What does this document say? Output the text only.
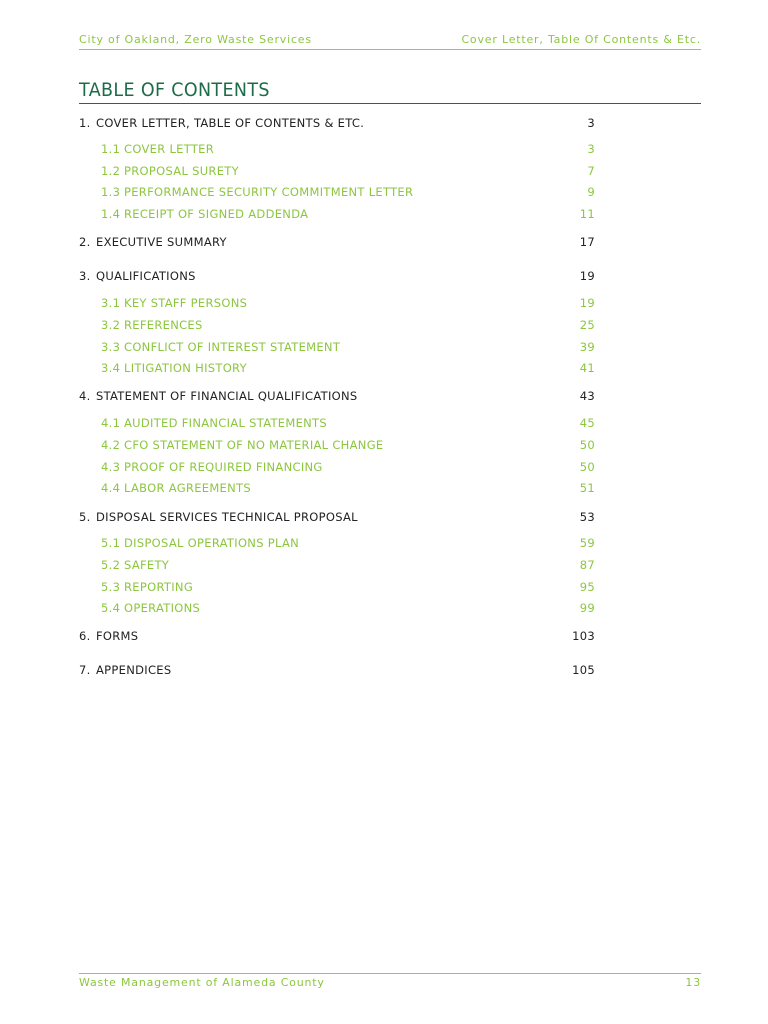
City of Oakland, Zero Waste Services	Cover Letter, Table Of Contents & Etc.
TABLE OF CONTENTS
1. COVER LETTER, TABLE OF CONTENTS & ETC.	3
1.1 COVER LETTER	3
1.2 PROPOSAL SURETY	7
1.3 PERFORMANCE SECURITY COMMITMENT LETTER	9
1.4 RECEIPT OF SIGNED ADDENDA	11
2. EXECUTIVE SUMMARY	17
3. QUALIFICATIONS	19
3.1 KEY STAFF PERSONS	19
3.2 REFERENCES	25
3.3 CONFLICT OF INTEREST STATEMENT	39
3.4 LITIGATION HISTORY	41
4. STATEMENT OF FINANCIAL QUALIFICATIONS	43
4.1 AUDITED FINANCIAL STATEMENTS	45
4.2 CFO STATEMENT OF NO MATERIAL CHANGE	50
4.3 PROOF OF REQUIRED FINANCING	50
4.4 LABOR AGREEMENTS	51
5. DISPOSAL SERVICES TECHNICAL PROPOSAL	53
5.1 DISPOSAL OPERATIONS PLAN	59
5.2 SAFETY	87
5.3 REPORTING	95
5.4 OPERATIONS	99
6. FORMS	103
7. APPENDICES	105
Waste Management of Alameda County	13
